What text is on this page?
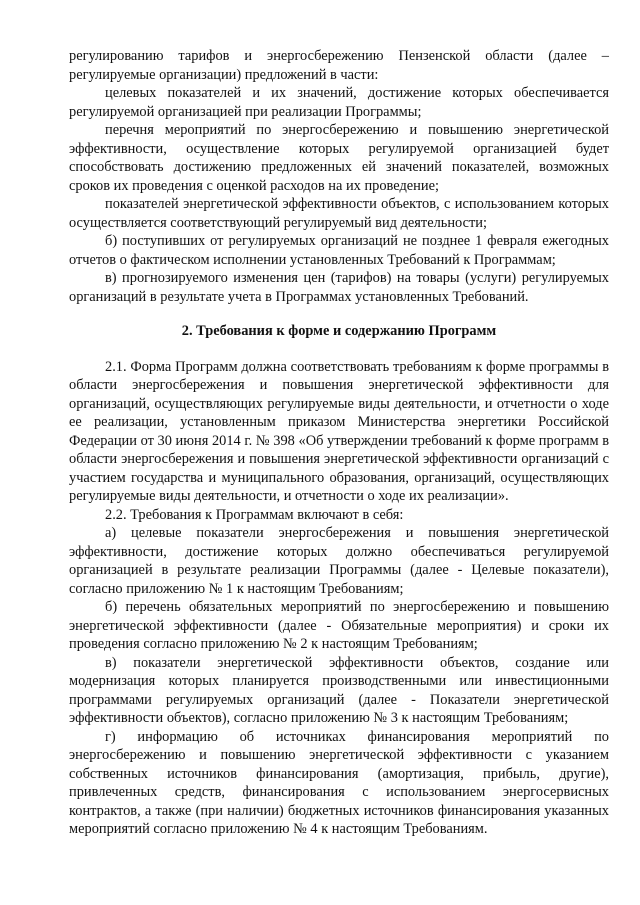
регулированию тарифов и энергосбережению Пензенской области (далее – регулируемые организации) предложений в части:

целевых показателей и их значений, достижение которых обеспечивается регулируемой организацией при реализации Программы;

перечня мероприятий по энергосбережению и повышению энергетической эффективности, осуществление которых регулируемой организацией будет способствовать достижению предложенных ей значений показателей, возможных сроков их проведения с оценкой расходов на их проведение;

показателей энергетической эффективности объектов, с использованием которых осуществляется соответствующий регулируемый вид деятельности;

б) поступивших от регулируемых организаций не позднее 1 февраля ежегодных отчетов о фактическом исполнении установленных Требований к Программам;

в) прогнозируемого изменения цен (тарифов) на товары (услуги) регулируемых организаций в результате учета в Программах установленных Требований.

2. Требования к форме и содержанию Программ

2.1. Форма Программ должна соответствовать требованиям к форме программы в области энергосбережения и повышения энергетической эффективности для организаций, осуществляющих регулируемые виды деятельности, и отчетности о ходе ее реализации, установленным приказом Министерства энергетики Российской Федерации от 30 июня 2014 г. № 398 «Об утверждении требований к форме программ в области энергосбережения и повышения энергетической эффективности организаций с участием государства и муниципального образования, организаций, осуществляющих регулируемые виды деятельности, и отчетности о ходе их реализации».

2.2. Требования к Программам включают в себя:

а) целевые показатели энергосбережения и повышения энергетической эффективности, достижение которых должно обеспечиваться регулируемой организацией в результате реализации Программы (далее - Целевые показатели), согласно приложению № 1 к настоящим Требованиям;

б) перечень обязательных мероприятий по энергосбережению и повышению энергетической эффективности (далее - Обязательные мероприятия) и сроки их проведения согласно приложению № 2 к настоящим Требованиям;

в) показатели энергетической эффективности объектов, создание или модернизация которых планируется производственными или инвестиционными программами регулируемых организаций (далее - Показатели энергетической эффективности объектов), согласно приложению № 3 к настоящим Требованиям;

г) информацию об источниках финансирования мероприятий по энергосбережению и повышению энергетической эффективности с указанием собственных источников финансирования (амортизация, прибыль, другие), привлеченных средств, финансирования с использованием энергосервисных контрактов, а также (при наличии) бюджетных источников финансирования указанных мероприятий согласно приложению № 4 к настоящим Требованиям.
